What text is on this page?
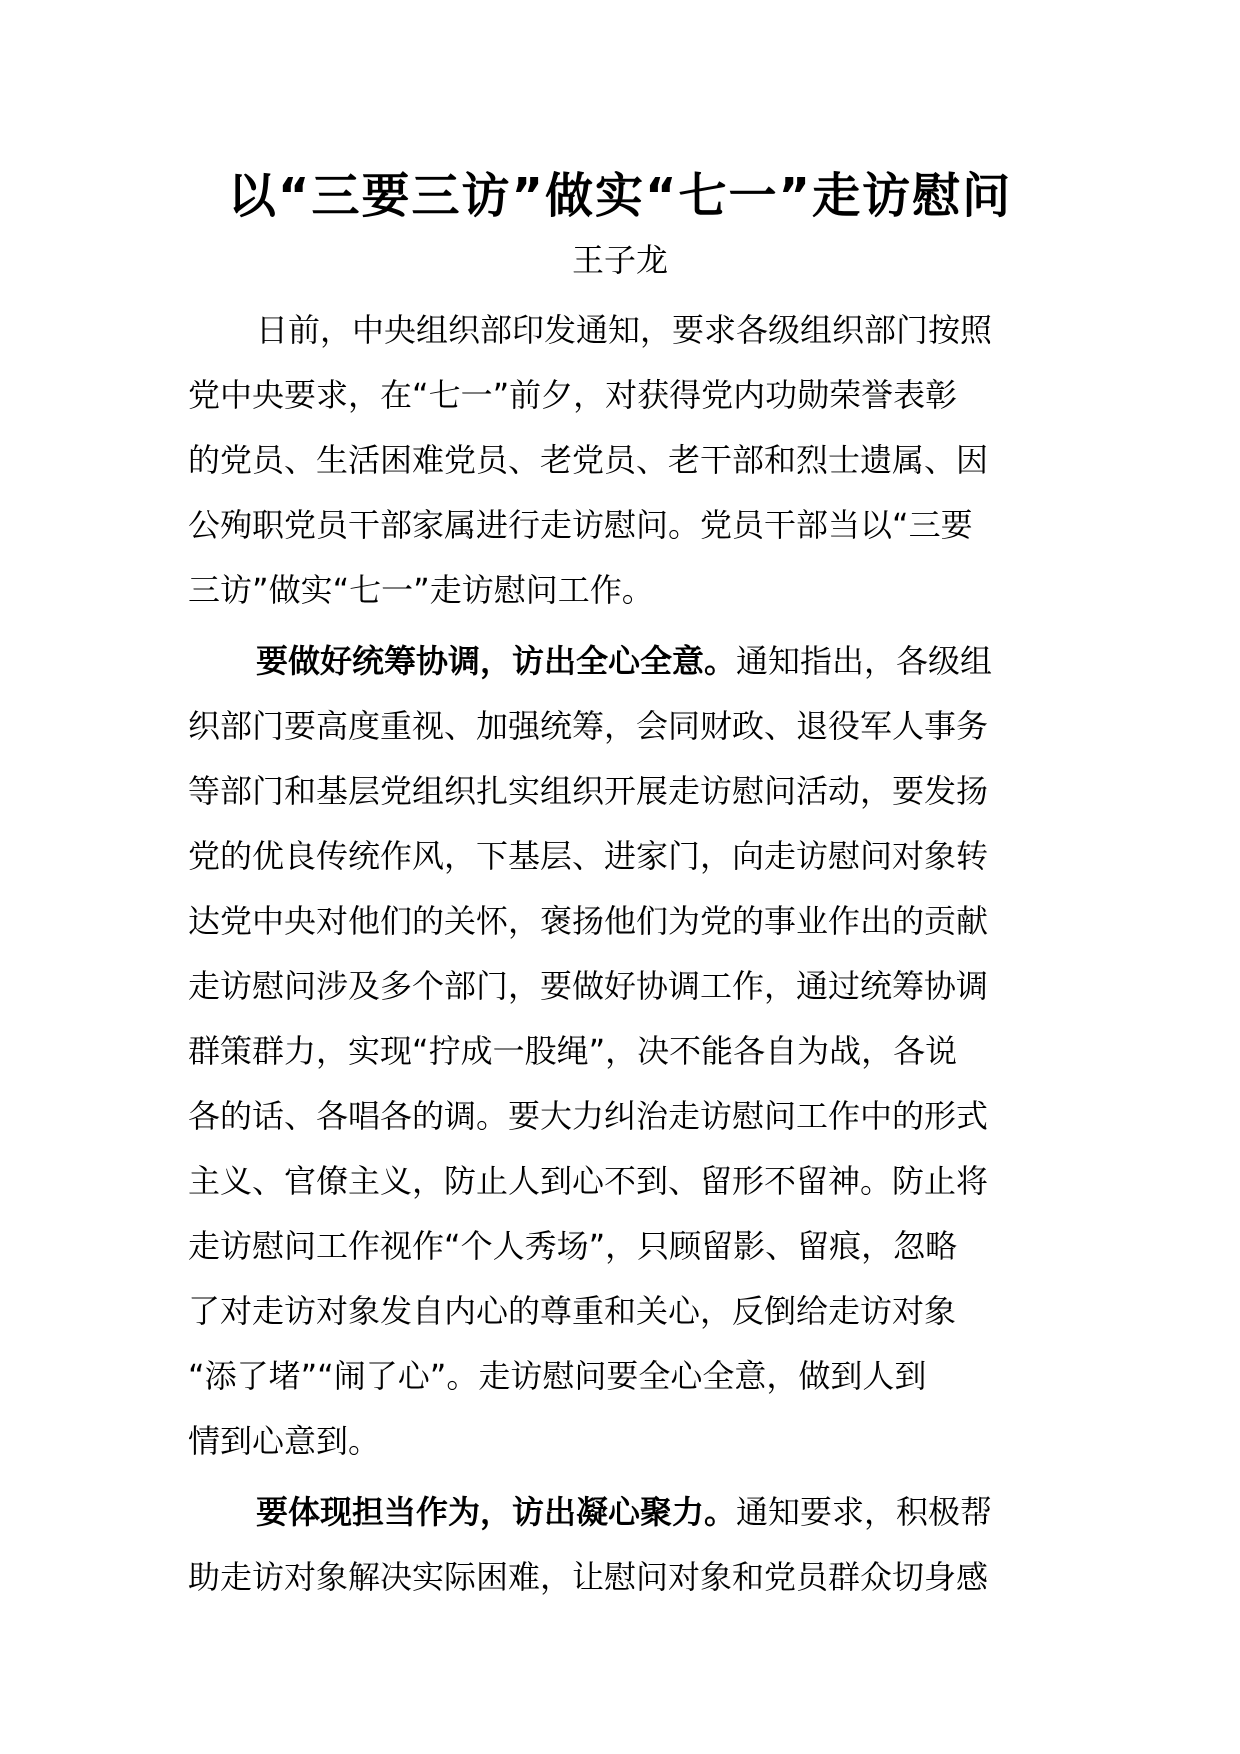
以“三要三访”做实“七一”走访慰问
王子龙
日前，中央组织部印发通知，要求各级组织部门按照
党中央要求，在“七一”前夕，对获得党内功勋荣誉表彰
的党员、生活困难党员、老党员、老干部和烈士遗属、因
公殉职党员干部家属进行走访慰问。党员干部当以“三要
三访”做实“七一”走访慰问工作。
要做好统筹协调，访出全心全意。通知指出，各级组
织部门要高度重视、加强统筹，会同财政、退役军人事务
等部门和基层党组织扎实组织开展走访慰问活动，要发扬
党的优良传统作风，下基层、进家门，向走访慰问对象转
达党中央对他们的关怀，褒扬他们为党的事业作出的贡献
走访慰问涉及多个部门，要做好协调工作，通过统筹协调
群策群力，实现“拧成一股绳”，决不能各自为战，各说
各的话、各唱各的调。要大力纠治走访慰问工作中的形式
主义、官僚主义，防止人到心不到、留形不留神。防止将
走访慰问工作视作“个人秀场”，只顾留影、留痕，忽略
了对走访对象发自内心的尊重和关心，反倒给走访对象
“添了堵”“闹了心”。走访慰问要全心全意，做到人到
情到心意到。
要体现担当作为，访出凝心聚力。通知要求，积极帮
助走访对象解决实际困难，让慰问对象和党员群众切身感
